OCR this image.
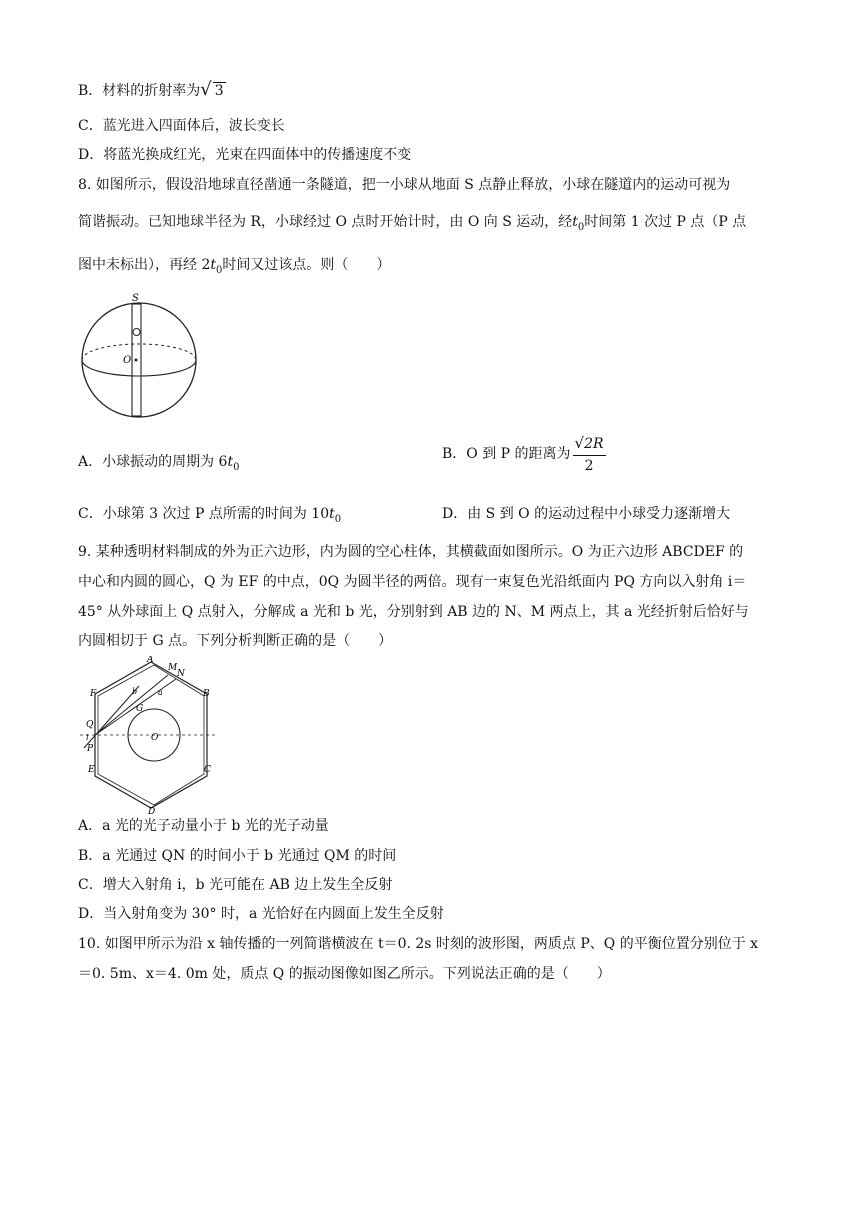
B．材料的折射率为√ 3
C．蓝光进入四面体后，波长变长
D．将蓝光换成红光，光束在四面体中的传播速度不变
8. 如图所示，假设沿地球直径凿通一条隧道，把一小球从地面 S 点静止释放，小球在隧道内的运动可视为
简谐振动。已知地球半径为 R，小球经过 O 点时开始计时，由 O 向 S 运动，经$t_0$时间第 1 次过 P 点（P 点
图中未标出），再经 $2t_0$时间又过该点。则（　　）
S
O
A．小球振动的周期为 $6t_0$
B．O 到 P 的距离为 $\frac{√2R}{2}$
C．小球第 3 次过 P 点所需的时间为 $10t_0$	D．由 S 到 O 的运动过程中小球受力逐渐增大
9. 某种透明材料制成的外为正六边形，内为圆的空心柱体，其横截面如图所示。O 为正六边形 ABCDEF 的
中心和内圆的圆心，Q 为 EF 的中点，0Q 为圆半径的两倍。现有一束复色光沿纸面内 PQ 方向以入射角 i＝
45° 从外球面上 Q 点射入，分解成 a 光和 b 光，分别射到 AB 边的 N、M 两点上，其 a 光经折射后恰好与
内圆相切于 G 点。下列分析判断正确的是（　　）
A
M
N
F	B
b	a
G
Q
i
P
O
E	C
D
A．a 光的光子动量小于 b 光的光子动量
B．a 光通过 QN 的时间小于 b 光通过 QM 的时间
C．增大入射角 i，b 光可能在 AB 边上发生全反射
D．当入射角变为 30° 时，a 光恰好在内圆面上发生全反射
10. 如图甲所示为沿 x 轴传播的一列简谐横波在 t＝0. 2s 时刻的波形图，两质点 P、Q 的平衡位置分别位于 x
＝0. 5m、x＝4. 0m 处，质点 Q 的振动图像如图乙所示。下列说法正确的是（　　）
